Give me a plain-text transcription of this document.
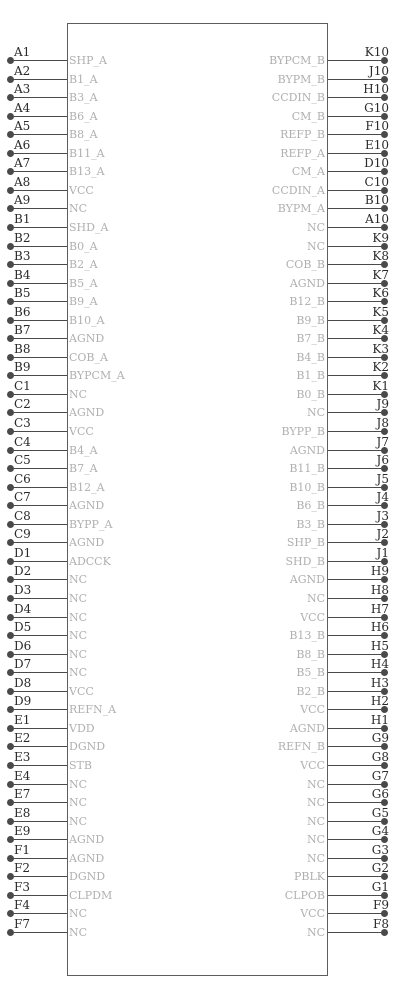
A1
SHP_A
A2
B1_A
A3
B3_A
A4
B6_A
A5
B8_A
A6
B11_A
A7
B13_A
A8
VCC
A9
NC
B1
SHD_A
B2
B0_A
B3
B2_A
B4
B5_A
B5
B9_A
B6
B10_A
B7
AGND
B8
COB_A
B9
BYPCM_A
C1
NC
C2
AGND
C3
VCC
C4
B4_A
C5
B7_A
C6
B12_A
C7
AGND
C8
BYPP_A
C9
AGND
D1
ADCCK
D2
NC
D3
NC
D4
NC
D5
NC
D6
NC
D7
NC
D8
VCC
D9
REFN_A
E1
VDD
E2
DGND
E3
STB
E4
NC
E7
NC
E8
NC
E9
AGND
F1
AGND
F2
DGND
F3
CLPDM
F4
NC
F7
NC
K10
BYPCM_B
J10
BYPM_B
H10
CCDIN_B
G10
CM_B
F10
REFP_B
E10
REFP_A
D10
CM_A
C10
CCDIN_A
B10
BYPM_A
A10
NC
K9
NC
K8
COB_B
K7
AGND
K6
B12_B
K5
B9_B
K4
B7_B
K3
B4_B
K2
B1_B
K1
B0_B
J9
NC
J8
BYPP_B
J7
AGND
J6
B11_B
J5
B10_B
J4
B6_B
J3
B3_B
J2
SHP_B
J1
SHD_B
H9
AGND
H8
NC
H7
VCC
H6
B13_B
H5
B8_B
H4
B5_B
H3
B2_B
H2
VCC
H1
AGND
G9
REFN_B
G8
VCC
G7
NC
G6
NC
G5
NC
G4
NC
G3
NC
G2
PBLK
G1
CLPOB
F9
VCC
F8
NC
